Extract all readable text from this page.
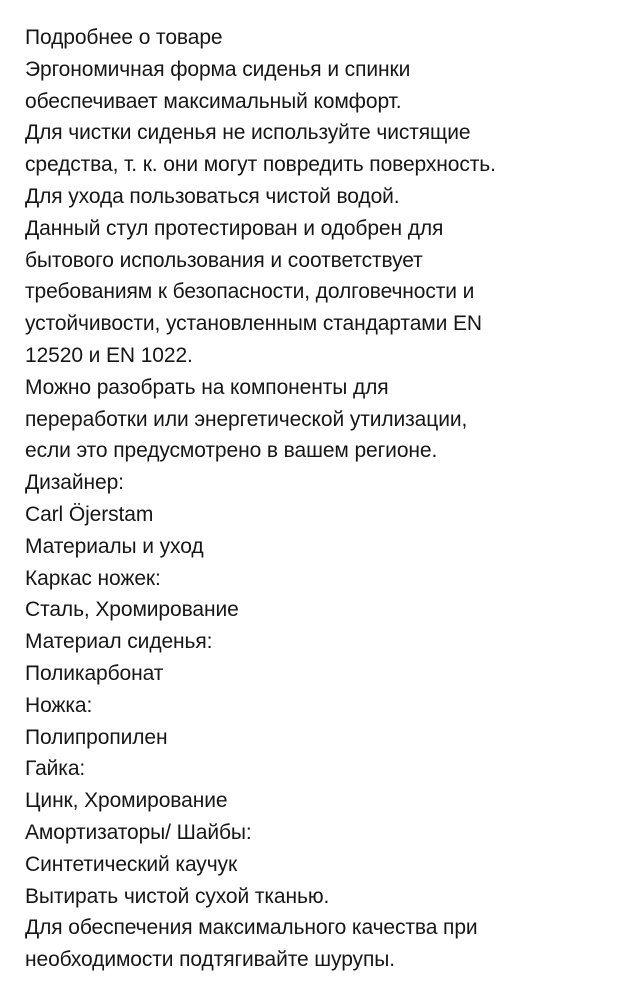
Подробнее о товаре
Эргономичная форма сиденья и спинки
обеспечивает максимальный комфорт.
Для чистки сиденья не используйте чистящие
средства, т. к. они могут повредить поверхность.
Для ухода пользоваться чистой водой.
Данный стул протестирован и одобрен для
бытового использования и соответствует
требованиям к безопасности, долговечности и
устойчивости, установленным стандартами EN
12520 и EN 1022.
Можно разобрать на компоненты для
переработки или энергетической утилизации,
если это предусмотрено в вашем регионе.
Дизайнер:
Carl Öjerstam
Материалы и уход
Каркас ножек:
Сталь, Хромирование
Материал сиденья:
Поликарбонат
Ножка:
Полипропилен
Гайка:
Цинк, Хромирование
Амортизаторы/ Шайбы:
Синтетический каучук
Вытирать чистой сухой тканью.
Для обеспечения максимального качества при
необходимости подтягивайте шурупы.
